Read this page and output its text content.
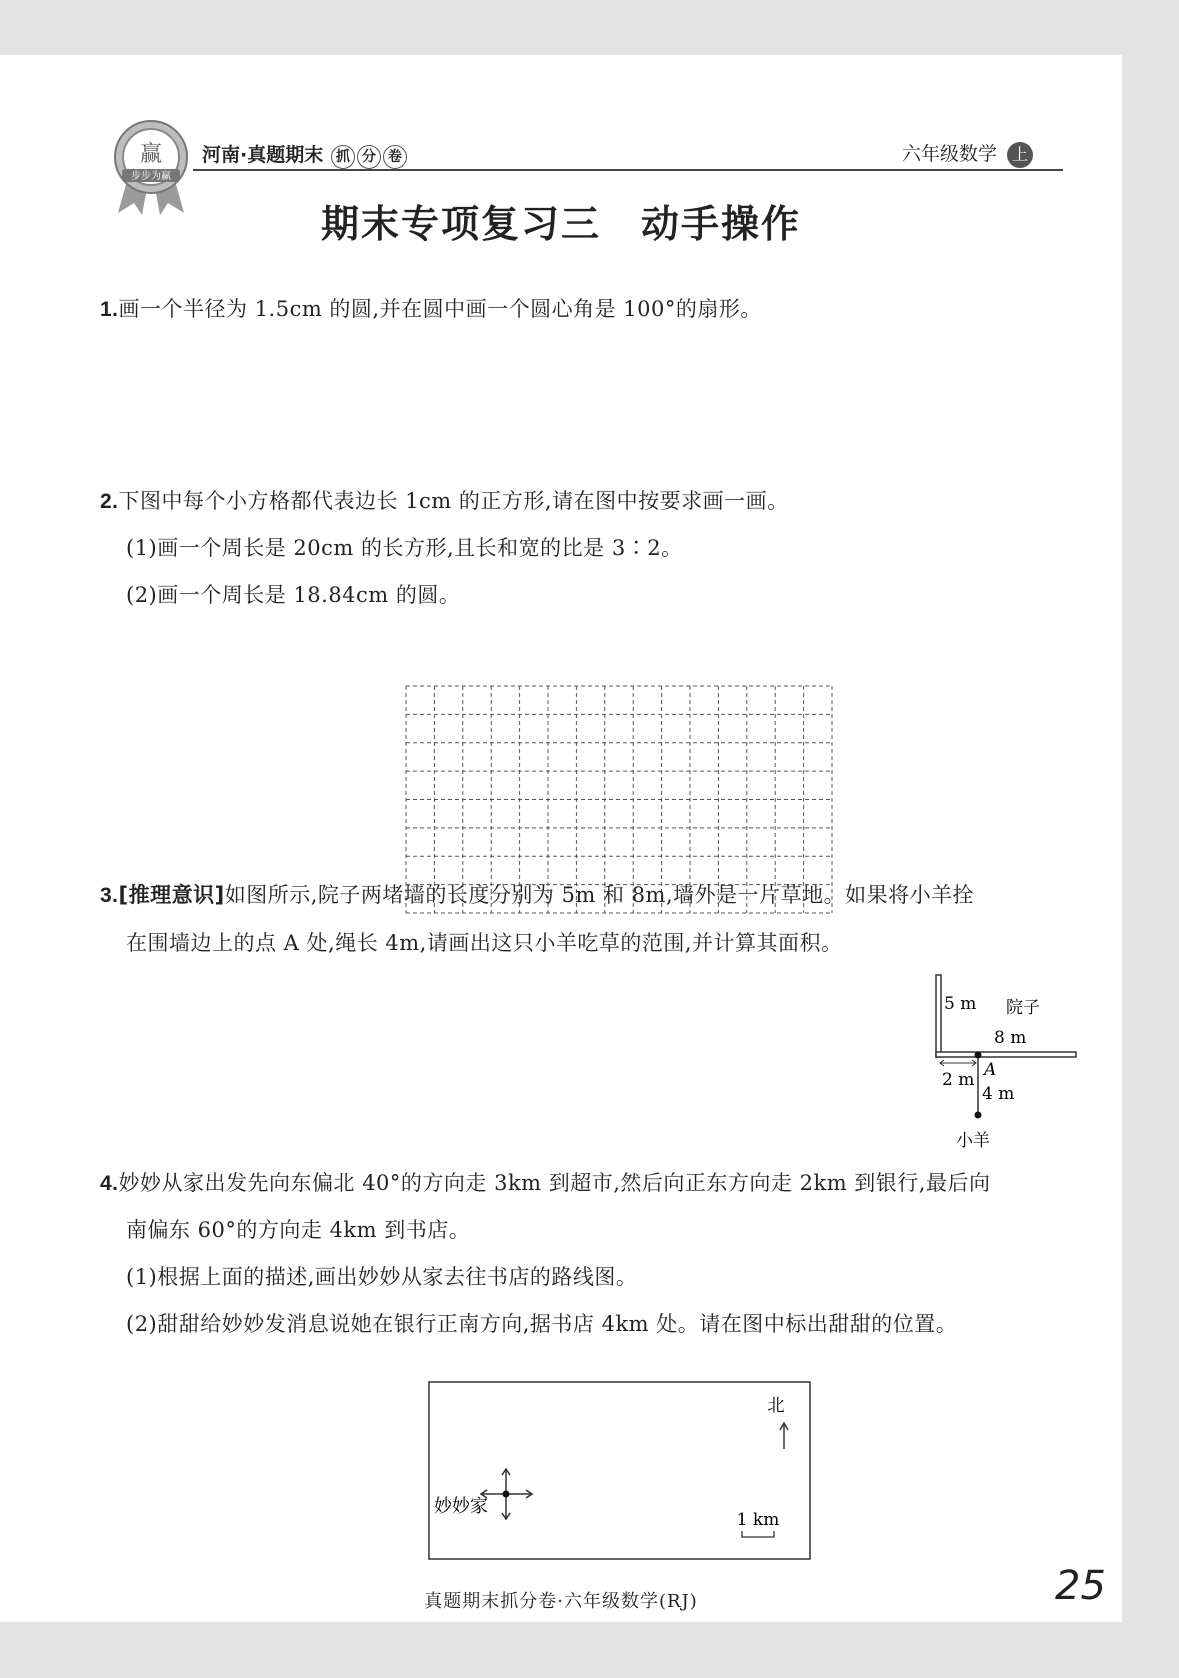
赢
步步为赢
河南·真题期末 抓 分 卷	六年级数学 上
期末专项复习三　动手操作
1.画一个半径为 1.5cm 的圆,并在圆中画一个圆心角是 100°的扇形。
2.下图中每个小方格都代表边长 1cm 的正方形,请在图中按要求画一画。
(1)画一个周长是 20cm 的长方形,且长和宽的比是 3∶2。
(2)画一个周长是 18.84cm 的圆。
3.[推理意识]如图所示,院子两堵墙的长度分别为 5m 和 8m,墙外是一片草地。如果将小羊拴
在围墙边上的点 A 处,绳长 4m,请画出这只小羊吃草的范围,并计算其面积。
5 m 院子
8 m
A
2 m
4 m
小羊
4.妙妙从家出发先向东偏北 40°的方向走 3km 到超市,然后向正东方向走 2km 到银行,最后向
南偏东 60°的方向走 4km 到书店。
(1)根据上面的描述,画出妙妙从家去往书店的路线图。
(2)甜甜给妙妙发消息说她在银行正南方向,据书店 4km 处。请在图中标出甜甜的位置。
北
妙妙家
1 km
真题期末抓分卷·六年级数学(RJ)	25
